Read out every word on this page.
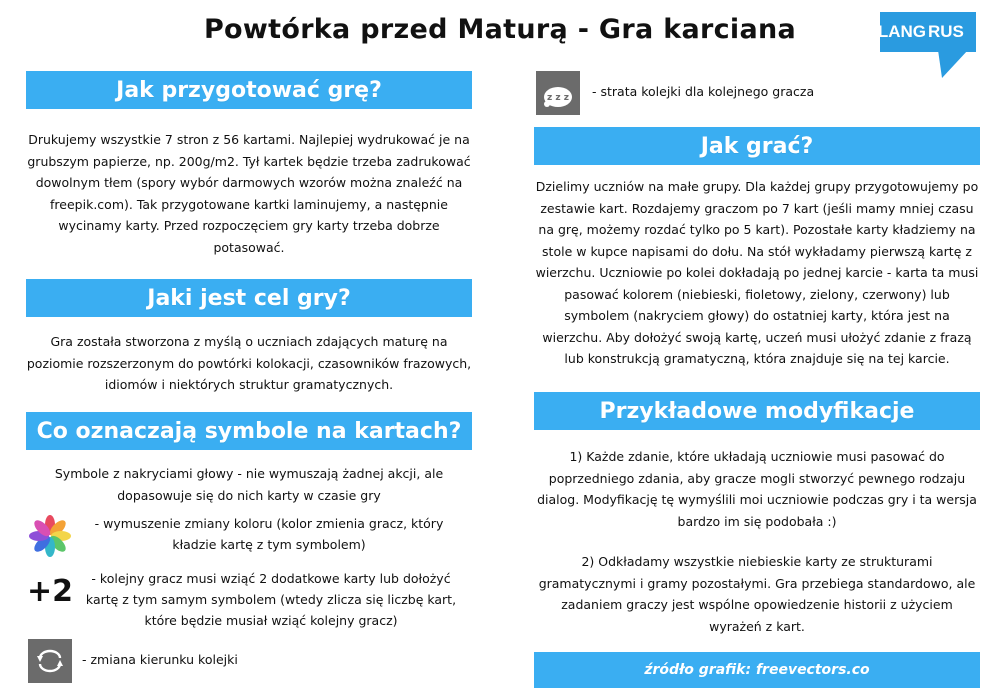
Powtórka przed Maturą - Gra karciana	LANG RUS
Jak przygotować grę?

Drukujemy wszystkie 7 stron z 56 kartami. Najlepiej wydrukować je na grubszym papierze, np. 200g/m2. Tył kartek będzie trzeba zadrukować dowolnym tłem (spory wybór darmowych wzorów można znaleźć na freepik.com). Tak przygotowane kartki laminujemy, a następnie wycinamy karty. Przed rozpoczęciem gry karty trzeba dobrze potasować.

Jaki jest cel gry?

Gra została stworzona z myślą o uczniach zdających maturę na poziomie rozszerzonym do powtórki kolokacji, czasowników frazowych, idiomów i niektórych struktur gramatycznych.

Co oznaczają symbole na kartach?

Symbole z nakryciami głowy - nie wymuszają żadnej akcji, ale dopasowuje się do nich karty w czasie gry

- wymuszenie zmiany koloru (kolor zmienia gracz, który kładzie kartę z tym symbolem)
+2	- kolejny gracz musi wziąć 2 dodatkowe karty lub dołożyć kartę z tym samym symbolem (wtedy zlicza się liczbę kart, które będzie musiał wziąć kolejny gracz)
- zmiana kierunku kolejki
z z z	- strata kolejki dla kolejnego gracza
Jak grać?

Dzielimy uczniów na małe grupy. Dla każdej grupy przygotowujemy po zestawie kart. Rozdajemy graczom po 7 kart (jeśli mamy mniej czasu na grę, możemy rozdać tylko po 5 kart). Pozostałe karty kładziemy na stole w kupce napisami do dołu. Na stół wykładamy pierwszą kartę z wierzchu. Uczniowie po kolei dokładają po jednej karcie - karta ta musi pasować kolorem (niebieski, fioletowy, zielony, czerwony) lub symbolem (nakryciem głowy) do ostatniej karty, która jest na wierzchu. Aby dołożyć swoją kartę, uczeń musi ułożyć zdanie z frazą lub konstrukcją gramatyczną, która znajduje się na tej karcie.

Przykładowe modyfikacje

1) Każde zdanie, które układają uczniowie musi pasować do poprzedniego zdania, aby gracze mogli stworzyć pewnego rodzaju dialog. Modyfikację tę wymyślili moi uczniowie podczas gry i ta wersja bardzo im się podobała :)

2) Odkładamy wszystkie niebieskie karty ze strukturami gramatycznymi i gramy pozostałymi. Gra przebiega standardowo, ale zadaniem graczy jest wspólne opowiedzenie historii z użyciem wyrażeń z kart.

źródło grafik: freevectors.co
